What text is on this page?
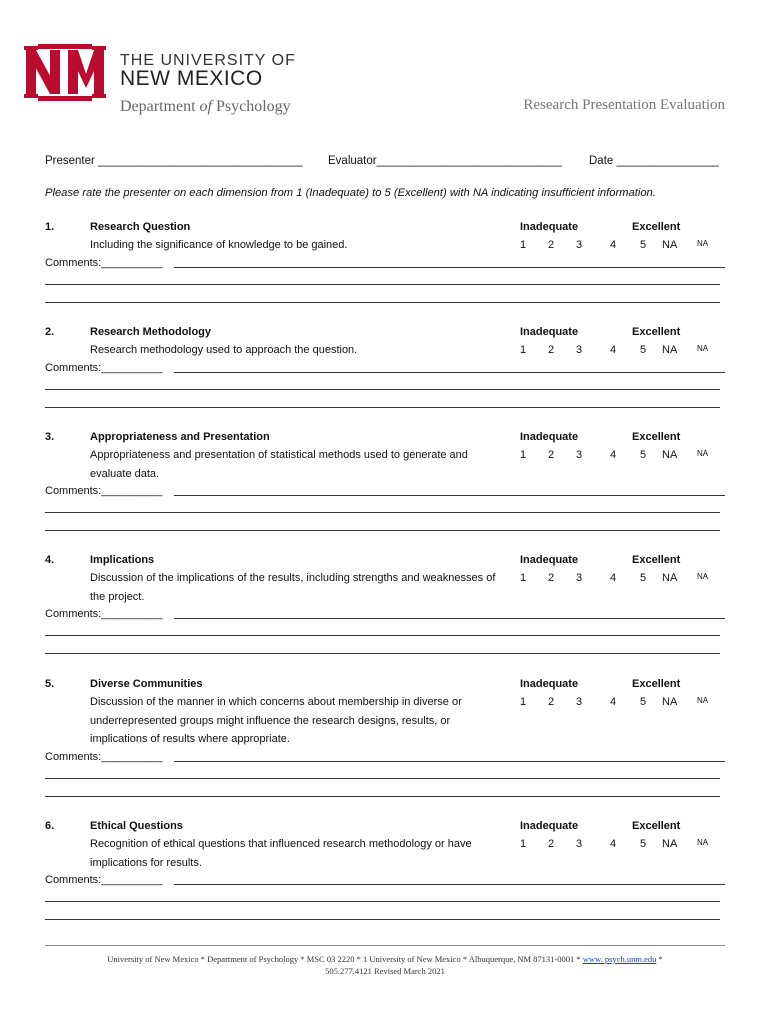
THE UNIVERSITY OF
NEW MEXICO
Department of Psychology	Research Presentation Evaluation
Presenter ________________________________ Evaluator_____________________________ Date ________________
Please rate the presenter on each dimension from 1 (Inadequate) to 5 (Excellent) with NA indicating insufficient information.
1.	Research Question
Including the significance of knowledge to be gained.
Inadequate	Excellent
1 2 3	4 5 NA NA
Comments:__________
2.	Research Methodology
Research methodology used to approach the question.
Inadequate	Excellent
1 2 3	4 5 NA NA
Comments:__________
3.	Appropriateness and Presentation
Appropriateness and presentation of statistical methods used to generate and evaluate data.
Inadequate	Excellent
1 2 3	4 5 NA NA
Comments:__________
4.	Implications
Discussion of the implications of the results, including strengths and weaknesses of the project.
Inadequate	Excellent
1 2 3	4 5 NA NA
Comments:__________
5.	Diverse Communities
Discussion of the manner in which concerns about membership in diverse or underrepresented groups might influence the research designs, results, or implications of results where appropriate.
Inadequate	Excellent
1 2 3	4 5 NA NA
Comments:__________
6.	Ethical Questions
Recognition of ethical questions that influenced research methodology or have implications for results.
Inadequate	Excellent
1 2 3	4 5 NA NA
Comments:__________
University of New Mexico * Department of Psychology * MSC 03 2220 * 1 University of New Mexico * Albuquerque, NM 87131-0001 * www. psych.unm.edu *
505.277.4121 Revised March 2021
